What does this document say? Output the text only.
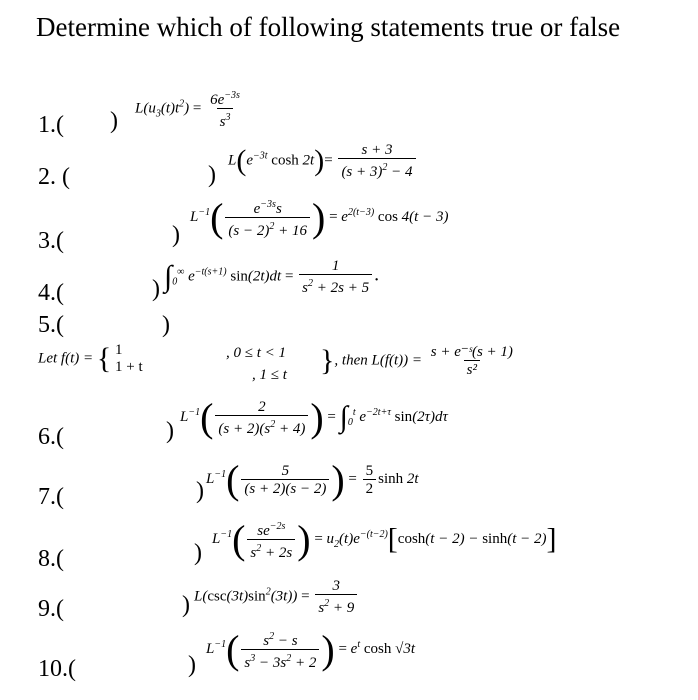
Determine which of following statements true or false
1.( ) $L(u_3(t)t^2) = \frac{6e^{-3s}}{s^3}$
2. (	)
$L(e^{-3t}$ $\cosh 2t)= \frac{s + 3}{(s + 3)^2 - 4}$
3.(	)
$L^{-1}( \frac{e^{-3s}s}{(s - 2)^2 + 16}$ ) = $e^{2(t-3)}$ cos 4(t − 3)
4.(	) $\int_0^\infty$ $e^{-t(s+1)}$ $\sin(2t)dt = \frac{1}{s^2 + 2s + 5}$ .
5.(	)
Let f(t) = { 1
1 + t
, 0 ≤ t < 1
, 1 ≤ t }, then $L(f(t)) = \frac{\text{s + e⁻ˢ(s + 1)}}{\text{s²}}$
6.(	)
$L^{-1}( \frac{2}{(s + 2)(s^2 + 4)}$ ) = $\int_0^t$ $e^{-2t+\tau}$ sin(2τ)dτ
7.(	) $L^{-1}( \frac{5}{(s + 2)(s - 2)}$ ) = $\frac{5}{2}$ sinh 2t
8.(	)
$L^{-1}( \frac{se^{-2s}}{s^2 + 2s}$ ) = $u_2(t)e^{-(t-2)}[\cosh(t - 2) - \sinh(t - 2)]$
9.(	) $L(\csc(3t)\sin^2(3t)) = \frac{3}{s^2 + 9}$
10.(	)
$L^{-1}( \frac{s^2 - s}{s^3 - 3s^2 + 2}$ ) = $e^t$ cosh √3t
